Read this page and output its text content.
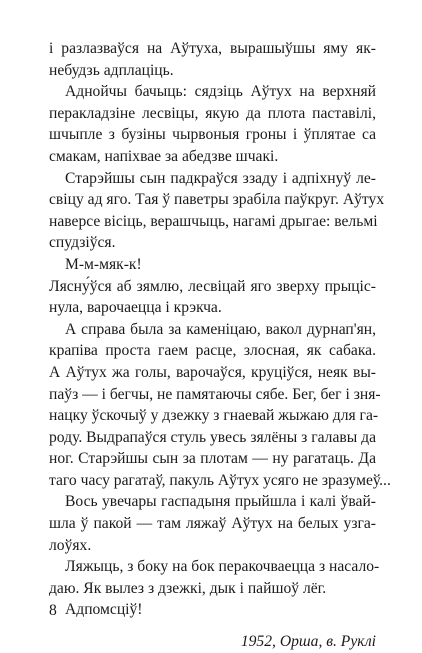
і разлазваўся на Аўтуха, вырашыўшы яму як-
небудзь адплаціць.
Аднойчы бачыць: сядзіць Аўтух на верхняй
перакладзіне лесвіцы, якую да плота паставілі,
шчыпле з бузіны чырвоныя гроны і ўплятае са
смакам, напіхвае за абедзве шчакі.
Старэйшы сын падкраўся ззаду і адпіхнуў ле-
свіцу ад яго. Тая ў паветры зрабіла паўкруг. Аўтух
наверсе вісіць, верашчыць, нагамі дрыгае: вельмі
спудзіўся.
М-м-мяк-к!
Лясну́ўся аб зямлю, лесвіцай яго зверху прыціс-
нула, варочаецца і крэкча.
А справа была за каменіцаю, вакол дурнап'ян,
крапіва проста гаем расце, злосная, як сабака.
А Аўтух жа голы, варочаўся, круціўся, неяк вы-
паўз — і бегчы, не памятаючы сябе. Бег, бег і зня-
нацку ўскочыў у дзежку з гнаевай жыжаю для га-
роду. Выдрапаўся стуль увесь зялёны з галавы да
ног. Старэйшы сын за плотам — ну рагатаць. Да
таго часу рагатаў, пакуль Аўтух усяго не зразумеў...
Вось увечары гаспадыня прыйшла і калі ўвай-
шла ў пакой — там ляжаў Аўтух на белых узга-
лоўях.
Ляжыць, з боку на бок перакочваецца з насало-
даю. Як вылез з дзежкі, дык і пайшоў лёг.
Адпомсціў!
1952, Орша, в. Руклі
8
